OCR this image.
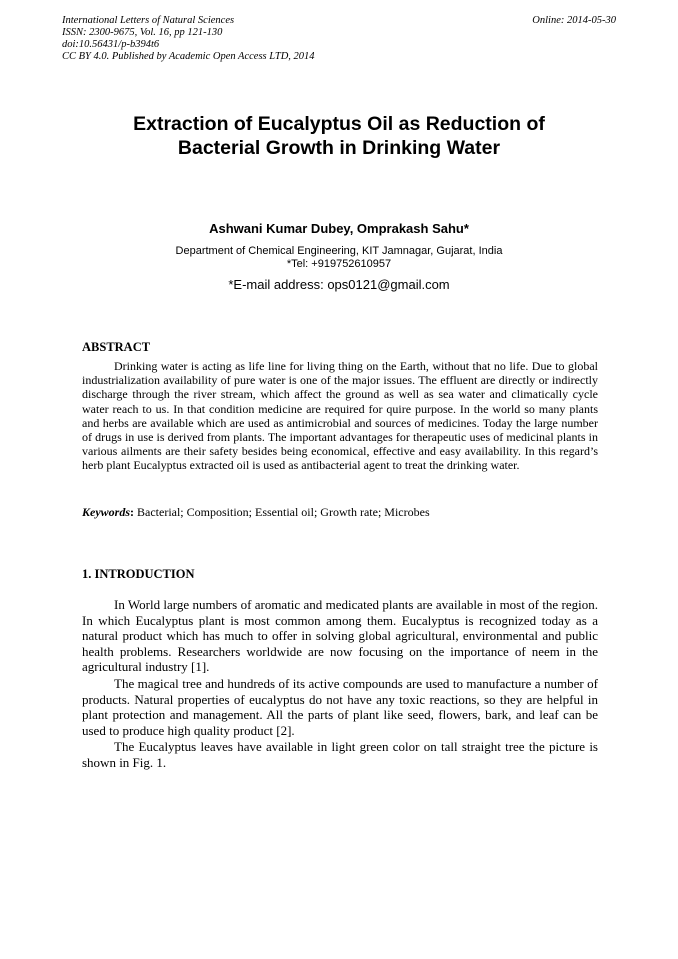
International Letters of Natural Sciences
ISSN: 2300-9675, Vol. 16, pp 121-130
doi:10.56431/p-b394t6
CC BY 4.0. Published by Academic Open Access LTD, 2014
Online: 2014-05-30
Extraction of Eucalyptus Oil as Reduction of
Bacterial Growth in Drinking Water
Ashwani Kumar Dubey, Omprakash Sahu*
Department of Chemical Engineering, KIT Jamnagar, Gujarat, India
*Tel: +919752610957
*E-mail address: ops0121@gmail.com
ABSTRACT

Drinking water is acting as life line for living thing on the Earth, without that no life. Due to global industrialization availability of pure water is one of the major issues. The effluent are directly or indirectly discharge through the river stream, which affect the ground as well as sea water and climatically cycle water reach to us. In that condition medicine are required for quire purpose. In the world so many plants and herbs are available which are used as antimicrobial and sources of medicines. Today the large number of drugs in use is derived from plants. The important advantages for therapeutic uses of medicinal plants in various ailments are their safety besides being economical, effective and easy availability. In this regard’s herb plant Eucalyptus extracted oil is used as antibacterial agent to treat the drinking water.

Keywords: Bacterial; Composition; Essential oil; Growth rate; Microbes
1. INTRODUCTION

In World large numbers of aromatic and medicated plants are available in most of the region. In which Eucalyptus plant is most common among them. Eucalyptus is recognized today as a natural product which has much to offer in solving global agricultural, environmental and public health problems. Researchers worldwide are now focusing on the importance of neem in the agricultural industry [1].

The magical tree and hundreds of its active compounds are used to manufacture a number of products. Natural properties of eucalyptus do not have any toxic reactions, so they are helpful in plant protection and management. All the parts of plant like seed, flowers, bark, and leaf can be used to produce high quality product [2].

The Eucalyptus leaves have available in light green color on tall straight tree the picture is shown in Fig. 1.
